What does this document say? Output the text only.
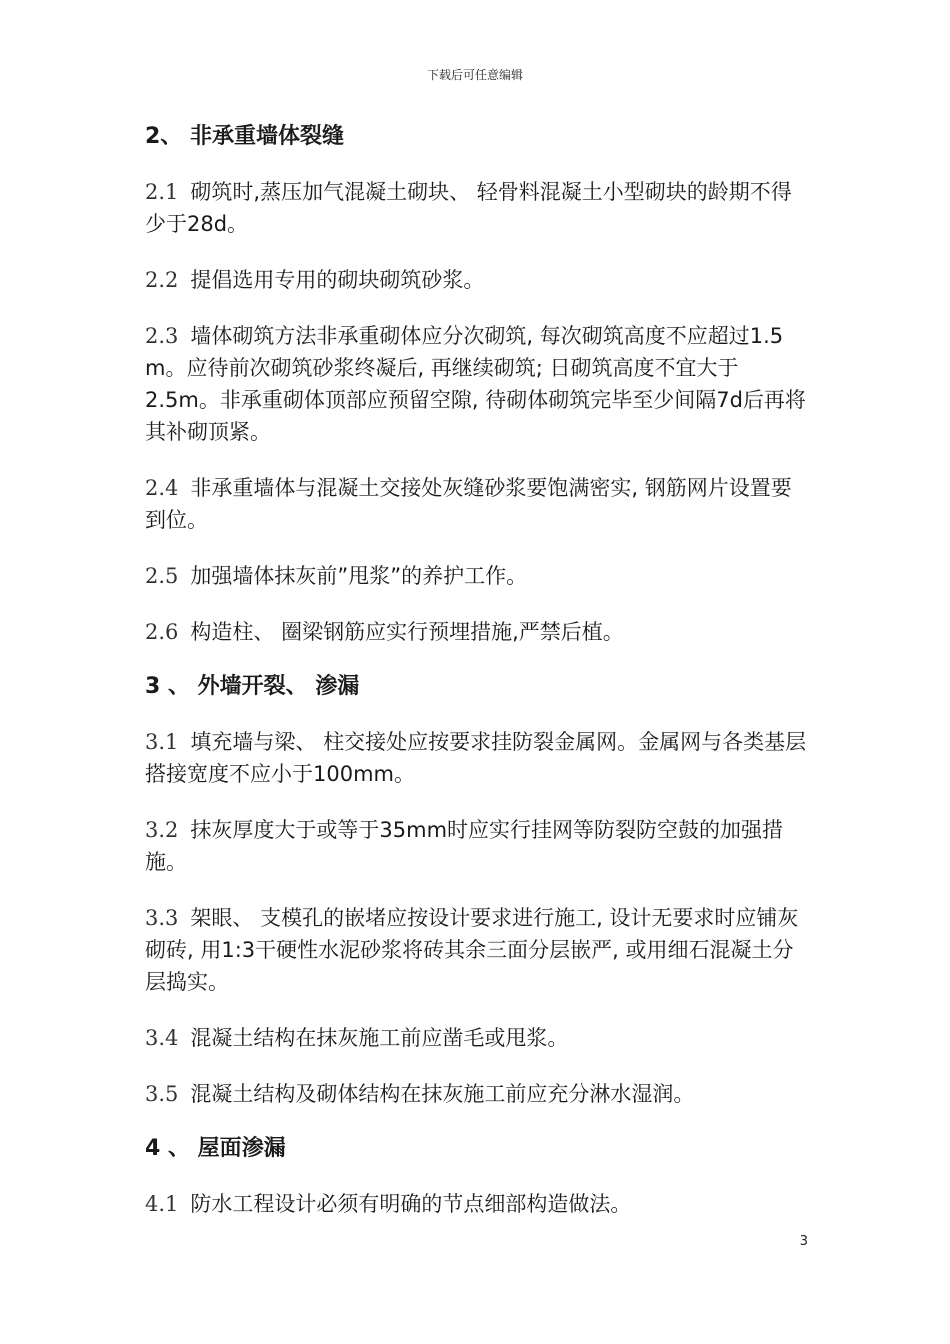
下载后可任意编辑
2、 非承重墙体裂缝
2.1 砌筑时,蒸压加气混凝土砌块、 轻骨料混凝土小型砌块的龄期不得少于28d。
2.2 提倡选用专用的砌块砌筑砂浆。
2.3 墙体砌筑方法非承重砌体应分次砌筑, 每次砌筑高度不应超过1.5 m。应待前次砌筑砂浆终凝后, 再继续砌筑; 日砌筑高度不宜大于2.5m。非承重砌体顶部应预留空隙, 待砌体砌筑完毕至少间隔7d后再将其补砌顶紧。
2.4 非承重墙体与混凝土交接处灰缝砂浆要饱满密实, 钢筋网片设置要到位。
2.5 加强墙体抹灰前”甩浆”的养护工作。
2.6 构造柱、 圈梁钢筋应实行预埋措施,严禁后植。
3 、 外墙开裂、 渗漏
3.1 填充墙与梁、 柱交接处应按要求挂防裂金属网。金属网与各类基层搭接宽度不应小于100mm。
3.2 抹灰厚度大于或等于35mm时应实行挂网等防裂防空鼓的加强措施。
3.3 架眼、 支模孔的嵌堵应按设计要求进行施工, 设计无要求时应铺灰砌砖, 用1:3干硬性水泥砂浆将砖其余三面分层嵌严, 或用细石混凝土分层捣实。
3.4 混凝土结构在抹灰施工前应凿毛或甩浆。
3.5 混凝土结构及砌体结构在抹灰施工前应充分淋水湿润。
4 、 屋面渗漏
4.1 防水工程设计必须有明确的节点细部构造做法。
3
